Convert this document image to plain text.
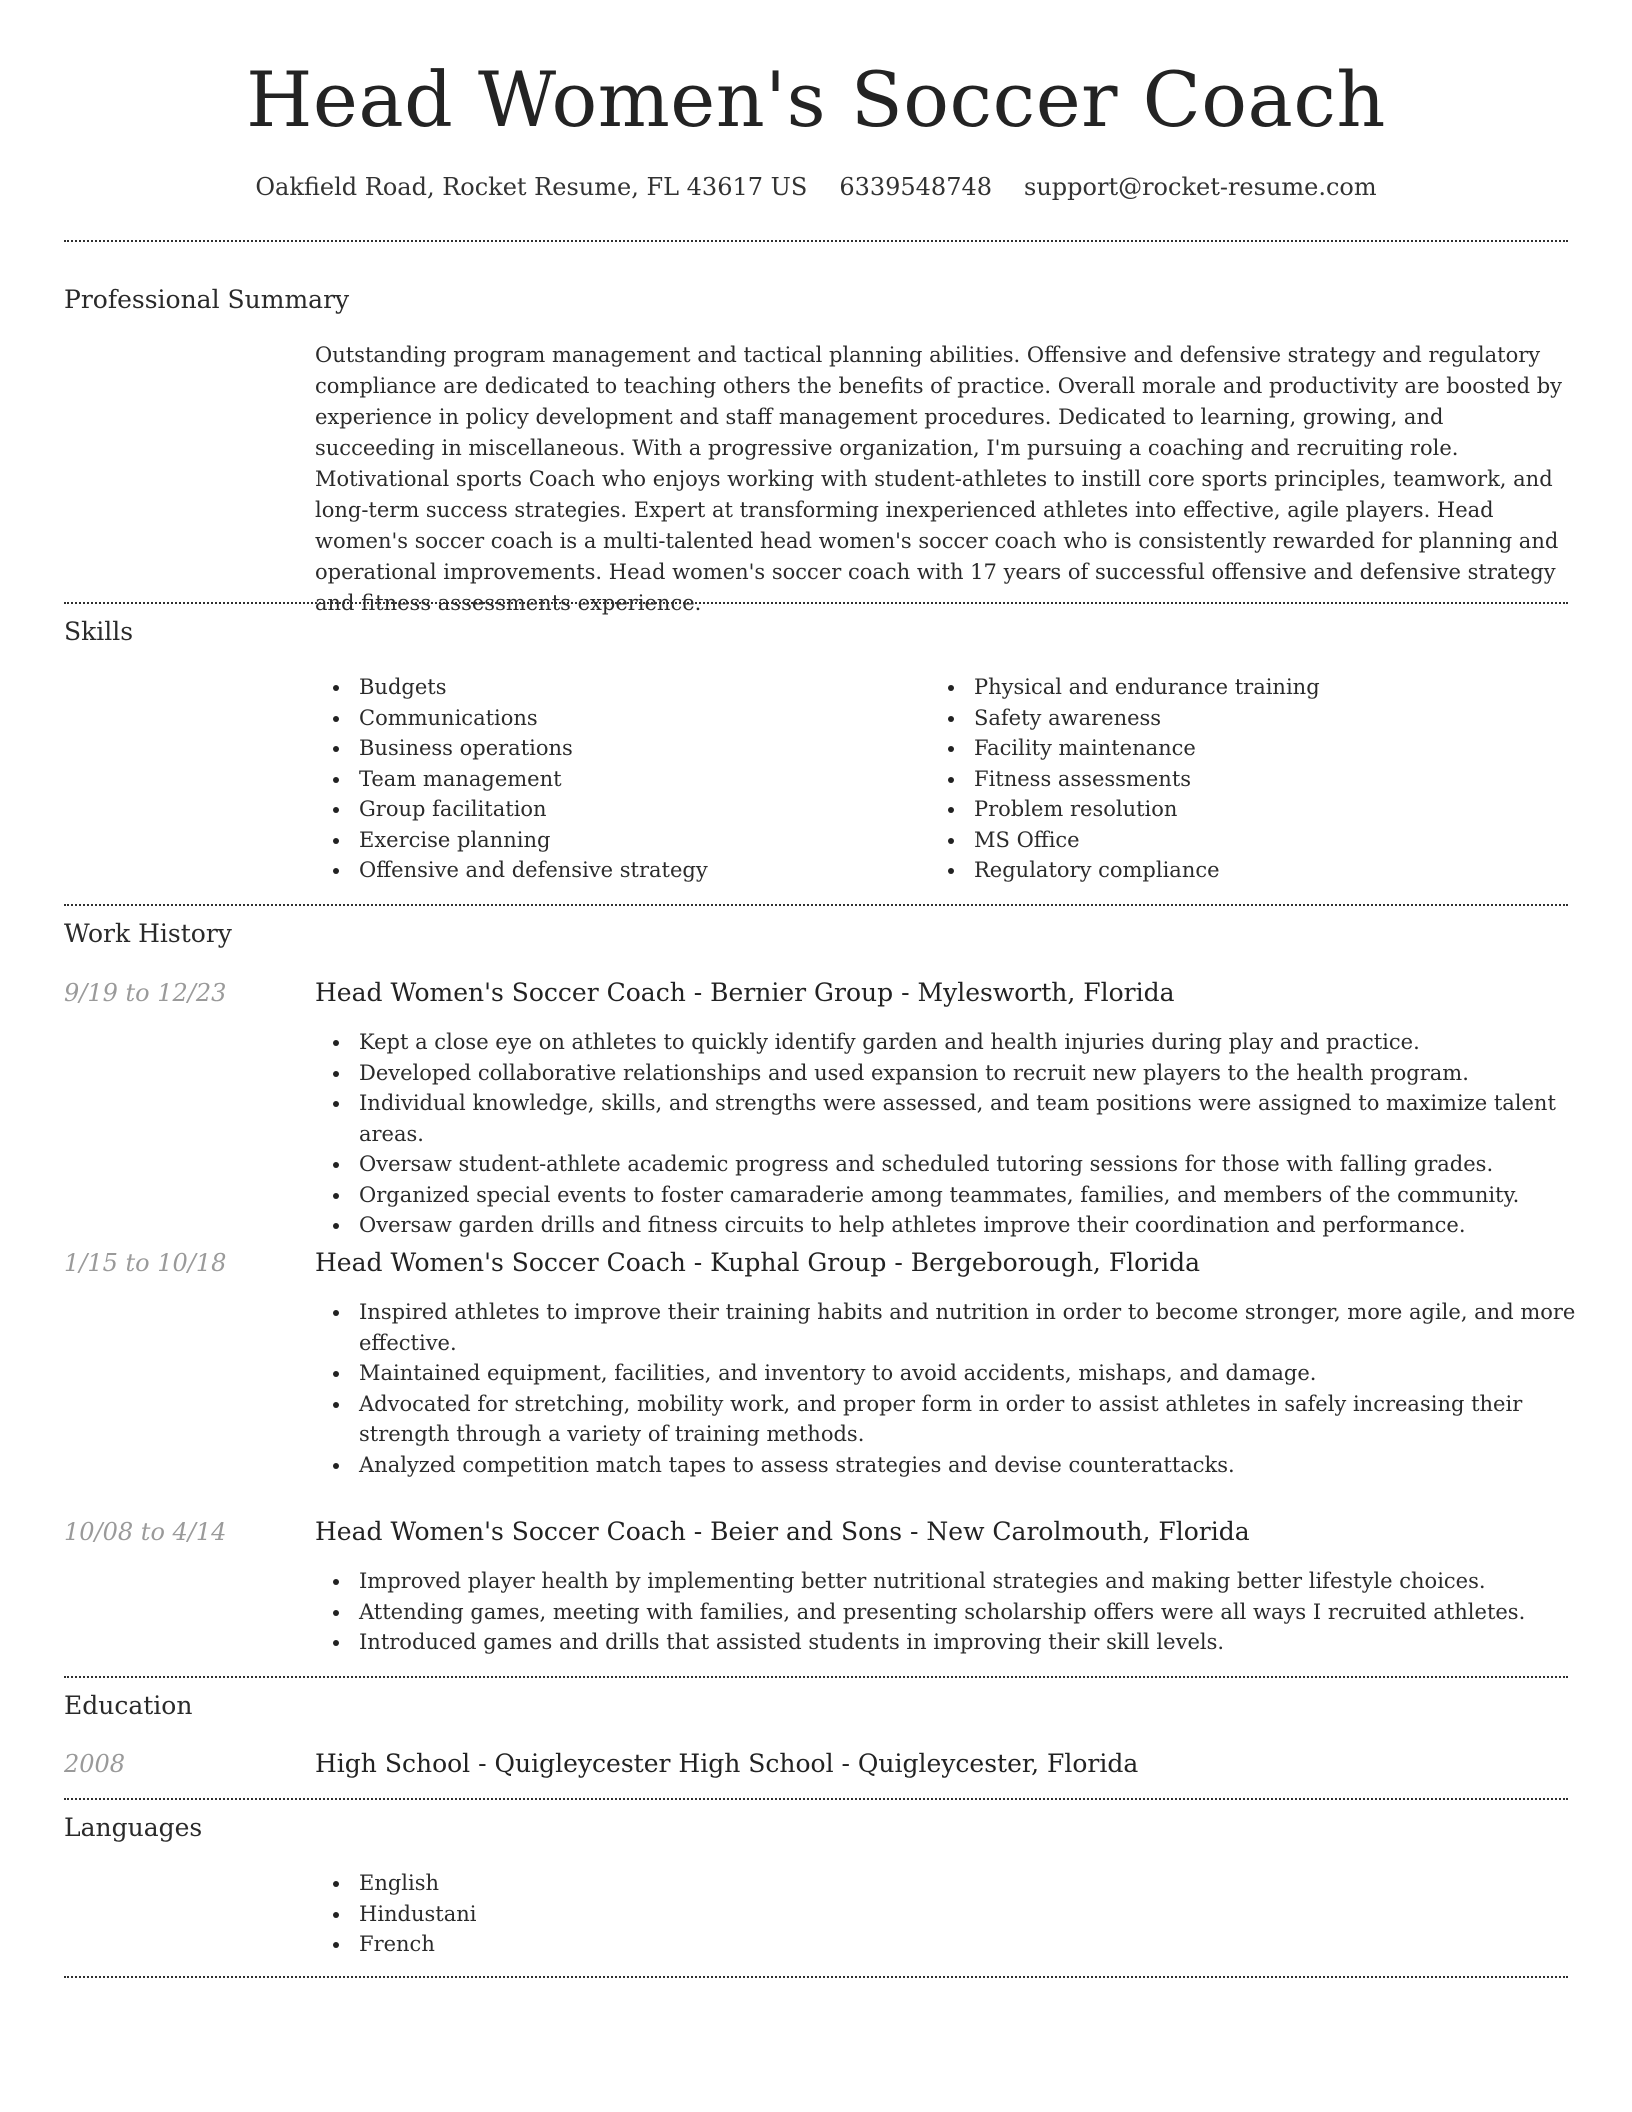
Head Women's Soccer Coach
Oakfield Road, Rocket Resume, FL 43617 US 6339548748 support@rocket-resume.com
Professional Summary
Outstanding program management and tactical planning abilities. Offensive and defensive strategy and regulatory compliance are dedicated to teaching others the benefits of practice. Overall morale and productivity are boosted by experience in policy development and staff management procedures. Dedicated to learning, growing, and succeeding in miscellaneous. With a progressive organization, I'm pursuing a coaching and recruiting role. Motivational sports Coach who enjoys working with student-athletes to instill core sports principles, teamwork, and long-term success strategies. Expert at transforming inexperienced athletes into effective, agile players. Head women's soccer coach is a multi-talented head women's soccer coach who is consistently rewarded for planning and operational improvements. Head women's soccer coach with 17 years of successful offensive and defensive strategy and fitness assessments experience.
Skills
Budgets
Communications
Business operations
Team management
Group facilitation
Exercise planning
Offensive and defensive strategy
Physical and endurance training
Safety awareness
Facility maintenance
Fitness assessments
Problem resolution
MS Office
Regulatory compliance
Work History
9/19 to 12/23	Head Women's Soccer Coach - Bernier Group - Mylesworth, Florida
Kept a close eye on athletes to quickly identify garden and health injuries during play and practice.
Developed collaborative relationships and used expansion to recruit new players to the health program.
Individual knowledge, skills, and strengths were assessed, and team positions were assigned to maximize talent areas.
Oversaw student-athlete academic progress and scheduled tutoring sessions for those with falling grades.
Organized special events to foster camaraderie among teammates, families, and members of the community.
Oversaw garden drills and fitness circuits to help athletes improve their coordination and performance.
1/15 to 10/18	Head Women's Soccer Coach - Kuphal Group - Bergeborough, Florida
Inspired athletes to improve their training habits and nutrition in order to become stronger, more agile, and more effective.
Maintained equipment, facilities, and inventory to avoid accidents, mishaps, and damage.
Advocated for stretching, mobility work, and proper form in order to assist athletes in safely increasing their strength through a variety of training methods.
Analyzed competition match tapes to assess strategies and devise counterattacks.
10/08 to 4/14	Head Women's Soccer Coach - Beier and Sons - New Carolmouth, Florida
Improved player health by implementing better nutritional strategies and making better lifestyle choices.
Attending games, meeting with families, and presenting scholarship offers were all ways I recruited athletes.
Introduced games and drills that assisted students in improving their skill levels.
Education
2008	High School - Quigleycester High School - Quigleycester, Florida
Languages
English
Hindustani
French
